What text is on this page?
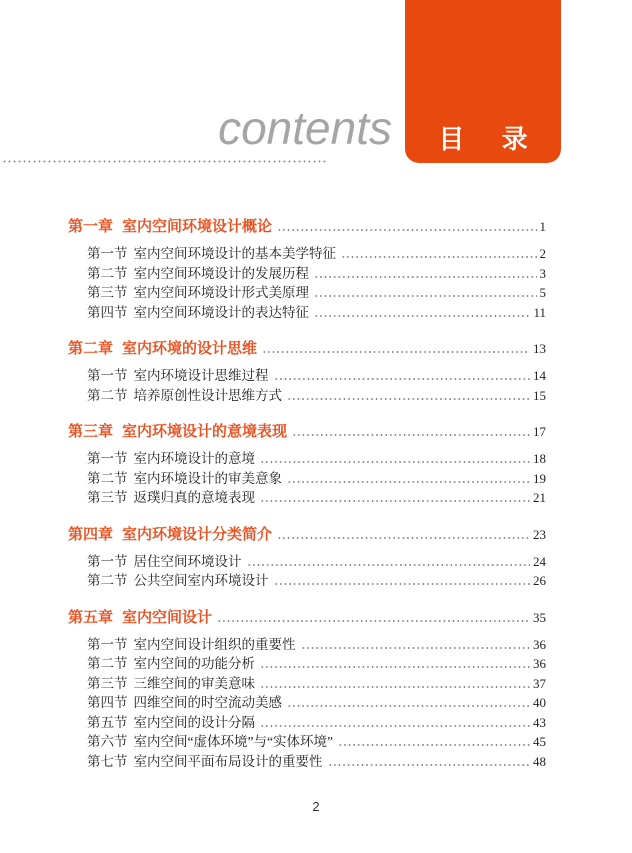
contents 目 录
第一章 室内空间环境设计概论	1
第一节 室内空间环境设计的基本美学特征	2
第二节 室内空间环境设计的发展历程	3
第三节 室内空间环境设计形式美原理	5
第四节 室内空间环境设计的表达特征	11
第二章 室内环境的设计思维	13
第一节 室内环境设计思维过程	14
第二节 培养原创性设计思维方式	15
第三章 室内环境设计的意境表现	17
第一节 室内环境设计的意境	18
第二节 室内环境设计的审美意象	19
第三节 返璞归真的意境表现	21
第四章 室内环境设计分类简介	23
第一节 居住空间环境设计	24
第二节 公共空间室内环境设计	26
第五章 室内空间设计	35
第一节 室内空间设计组织的重要性	36
第二节 室内空间的功能分析	36
第三节 三维空间的审美意味	37
第四节 四维空间的时空流动美感	40
第五节 室内空间的设计分隔	43
第六节 室内空间“虚体环境”与“实体环境”	45
第七节 室内空间平面布局设计的重要性	48
2
